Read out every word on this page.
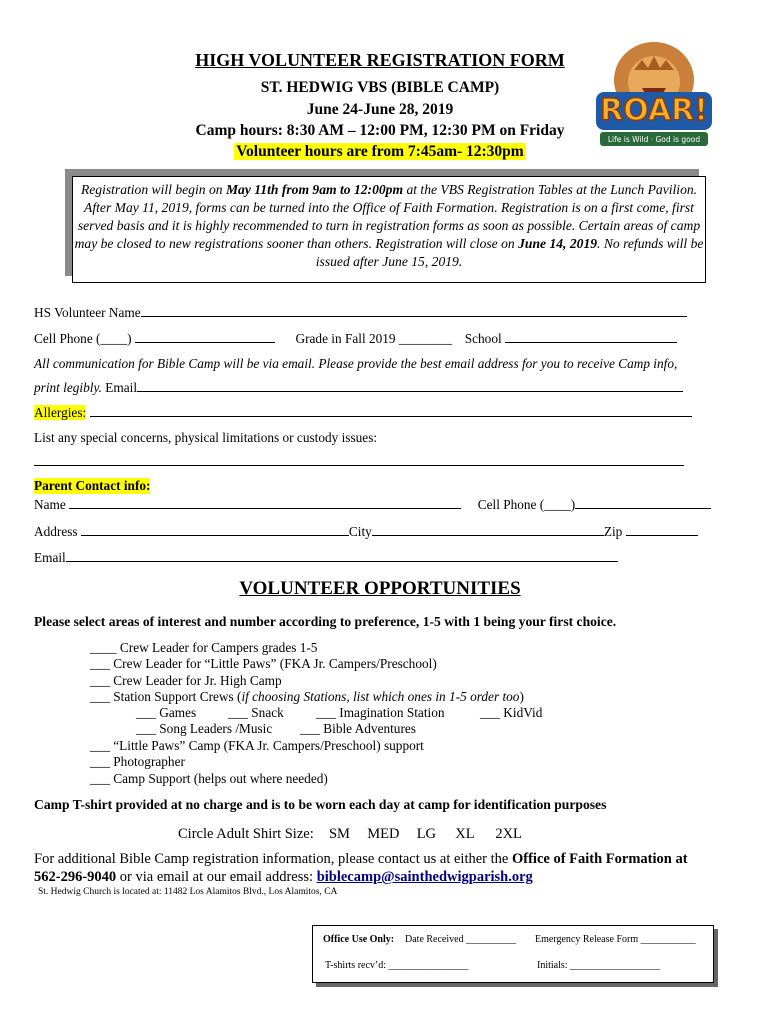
HIGH VOLUNTEER REGISTRATION FORM
ST. HEDWIG VBS (BIBLE CAMP)
June 24-June 28, 2019
Camp hours: 8:30 AM – 12:00 PM, 12:30 PM on Friday
Volunteer hours are from 7:45am- 12:30pm
ROAR!
Life is Wild · God is good
Registration will begin on May 11th from 9am to 12:00pm at the VBS Registration Tables at the Lunch Pavilion. After May 11, 2019, forms can be turned into the Office of Faith Formation. Registration is on a first come, first served basis and it is highly recommended to turn in registration forms as soon as possible. Certain areas of camp may be closed to new registrations sooner than others. Registration will close on June 14, 2019. No refunds will be issued after June 15, 2019.
HS Volunteer Name
Cell Phone (____)	Grade in Fall 2019 ________ School
All communication for Bible Camp will be via email. Please provide the best email address for you to receive Camp info,
print legibly. Email
Allergies:
List any special concerns, physical limitations or custody issues:
Parent Contact info:
Name	Cell Phone (____)
Address	City	Zip
Email
VOLUNTEER OPPORTUNITIES
Please select areas of interest and number according to preference, 1-5 with 1 being your first choice.
____ Crew Leader for Campers grades 1-5
___ Crew Leader for “Little Paws” (FKA Jr. Campers/Preschool)
___ Crew Leader for Jr. High Camp
___ Station Support Crews (if choosing Stations, list which ones in 1-5 order too)
___ Games ___ Snack ___ Imagination Station	___ KidVid
___ Song Leaders /Music ___ Bible Adventures
___ “Little Paws” Camp (FKA Jr. Campers/Preschool) support
___ Photographer
___ Camp Support (helps out where needed)
Camp T-shirt provided at no charge and is to be worn each day at camp for identification purposes
Circle Adult Shirt Size: SM MED LG XL 2XL
For additional Bible Camp registration information, please contact us at either the Office of Faith Formation at
562-296-9040 or via email at our email address: biblecamp@sainthedwigparish.org
St. Hedwig Church is located at: 11482 Los Alamitos Blvd., Los Alamitos, CA
Office Use Only: Date Received __________ Emergency Release Form ___________
T-shirts recv’d: ________________	Initials: __________________
